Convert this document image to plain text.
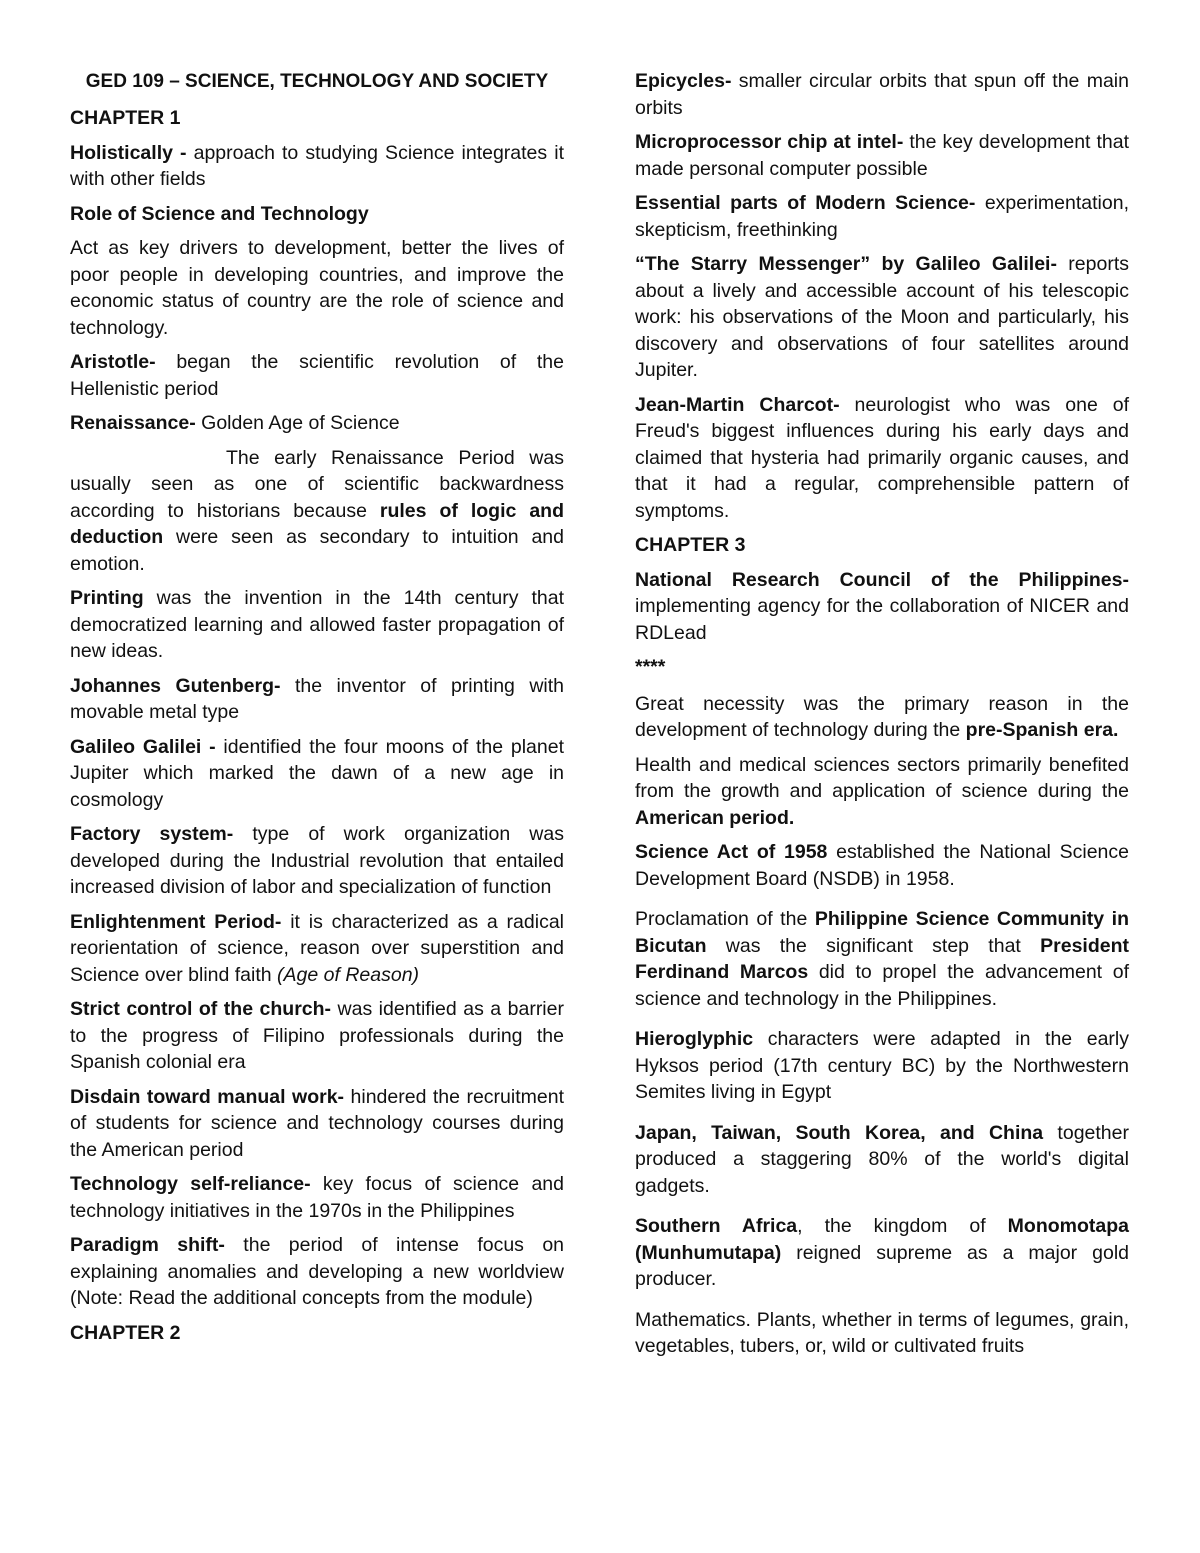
GED 109 – SCIENCE, TECHNOLOGY AND SOCIETY
CHAPTER 1

Holistically - approach to studying Science integrates it with other fields

Role of Science and Technology

Act as key drivers to development, better the lives of poor people in developing countries, and improve the economic status of country are the role of science and technology.

Aristotle- began the scientific revolution of the Hellenistic period

Renaissance- Golden Age of Science

The early Renaissance Period was usually seen as one of scientific backwardness according to historians because rules of logic and deduction were seen as secondary to intuition and emotion.

Printing was the invention in the 14th century that democratized learning and allowed faster propagation of new ideas.

Johannes Gutenberg- the inventor of printing with movable metal type

Galileo Galilei - identified the four moons of the planet Jupiter which marked the dawn of a new age in cosmology

Factory system- type of work organization was developed during the Industrial revolution that entailed increased division of labor and specialization of function

Enlightenment Period- it is characterized as a radical reorientation of science, reason over superstition and Science over blind faith (Age of Reason)

Strict control of the church- was identified as a barrier to the progress of Filipino professionals during the Spanish colonial era

Disdain toward manual work- hindered the recruitment of students for science and technology courses during the American period

Technology self-reliance- key focus of science and technology initiatives in the 1970s in the Philippines

Paradigm shift- the period of intense focus on explaining anomalies and developing a new worldview (Note: Read the additional concepts from the module)

CHAPTER 2

Epicycles- smaller circular orbits that spun off the main orbits

Microprocessor chip at intel- the key development that made personal computer possible

Essential parts of Modern Science- experimentation, skepticism, freethinking

“The Starry Messenger” by Galileo Galilei- reports about a lively and accessible account of his telescopic work: his observations of the Moon and particularly, his discovery and observations of four satellites around Jupiter.

Jean-Martin Charcot- neurologist who was one of Freud's biggest influences during his early days and claimed that hysteria had primarily organic causes, and that it had a regular, comprehensible pattern of symptoms.

CHAPTER 3

National Research Council of the Philippines- implementing agency for the collaboration of NICER and RDLead

****

Great necessity was the primary reason in the development of technology during the pre-Spanish era.

Health and medical sciences sectors primarily benefited from the growth and application of science during the American period.

Science Act of 1958 established the National Science Development Board (NSDB) in 1958.

Proclamation of the Philippine Science Community in Bicutan was the significant step that President Ferdinand Marcos did to propel the advancement of science and technology in the Philippines.

Hieroglyphic characters were adapted in the early Hyksos period (17th century BC) by the Northwestern Semites living in Egypt

Japan, Taiwan, South Korea, and China together produced a staggering 80% of the world's digital gadgets.

Southern Africa, the kingdom of Monomotapa (Munhumutapa) reigned supreme as a major gold producer.

Mathematics. Plants, whether in terms of legumes, grain, vegetables, tubers, or, wild or cultivated fruits
